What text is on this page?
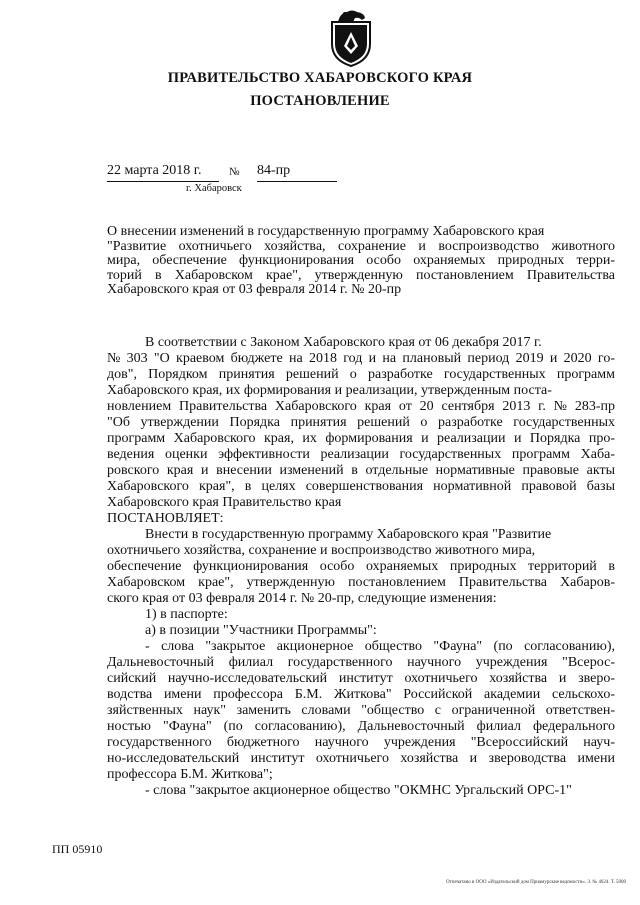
ПРАВИТЕЛЬСТВО ХАБАРОВСКОГО КРАЯ
ПОСТАНОВЛЕНИЕ
22 марта 2018 г.	№ 84-пр
г. Хабаровск
О внесении изменений в государственную программу Хабаровского края
"Развитие охотничьего хозяйства, сохранение и воспроизводство животного
мира, обеспечение функционирования особо охраняемых природных терри-
торий в Хабаровском крае", утвержденную постановлением Правительства
Хабаровского края от 03 февраля 2014 г. № 20-пр
В соответствии с Законом Хабаровского края от 06 декабря 2017 г.
№ 303 "О краевом бюджете на 2018 год и на плановый период 2019 и 2020 го-
дов", Порядком принятия решений о разработке государственных программ
Хабаровского края, их формирования и реализации, утвержденным поста-
новлением Правительства Хабаровского края от 20 сентября 2013 г. № 283-пр
"Об утверждении Порядка принятия решений о разработке государственных
программ Хабаровского края, их формирования и реализации и Порядка про-
ведения оценки эффективности реализации государственных программ Хаба-
ровского края и внесении изменений в отдельные нормативные правовые акты
Хабаровского края", в целях совершенствования нормативной правовой базы
Хабаровского края Правительство края
ПОСТАНОВЛЯЕТ:
Внести в государственную программу Хабаровского края "Развитие
охотничьего хозяйства, сохранение и воспроизводство животного мира,
обеспечение функционирования особо охраняемых природных территорий в
Хабаровском крае", утвержденную постановлением Правительства Хабаров-
ского края от 03 февраля 2014 г. № 20-пр, следующие изменения:
1) в паспорте:
а) в позиции "Участники Программы":
- слова "закрытое акционерное общество "Фауна" (по согласованию),
Дальневосточный филиал государственного научного учреждения "Всерос-
сийский научно-исследовательский институт охотничьего хозяйства и зверо-
водства имени профессора Б.М. Житкова" Российской академии сельскохо-
зяйственных наук" заменить словами "общество с ограниченной ответствен-
ностью "Фауна" (по согласованию), Дальневосточный филиал федерального
государственного бюджетного научного учреждения "Всероссийский науч-
но-исследовательский институт охотничьего хозяйства и звероводства имени
профессора Б.М. Житкова";
- слова "закрытое акционерное общество "ОКМНС Ургальский ОРС-1"
ПП 05910
Отпечатано в ООО «Издательский дом Приамурские ведомости». З. № 4624. Т. 5000
